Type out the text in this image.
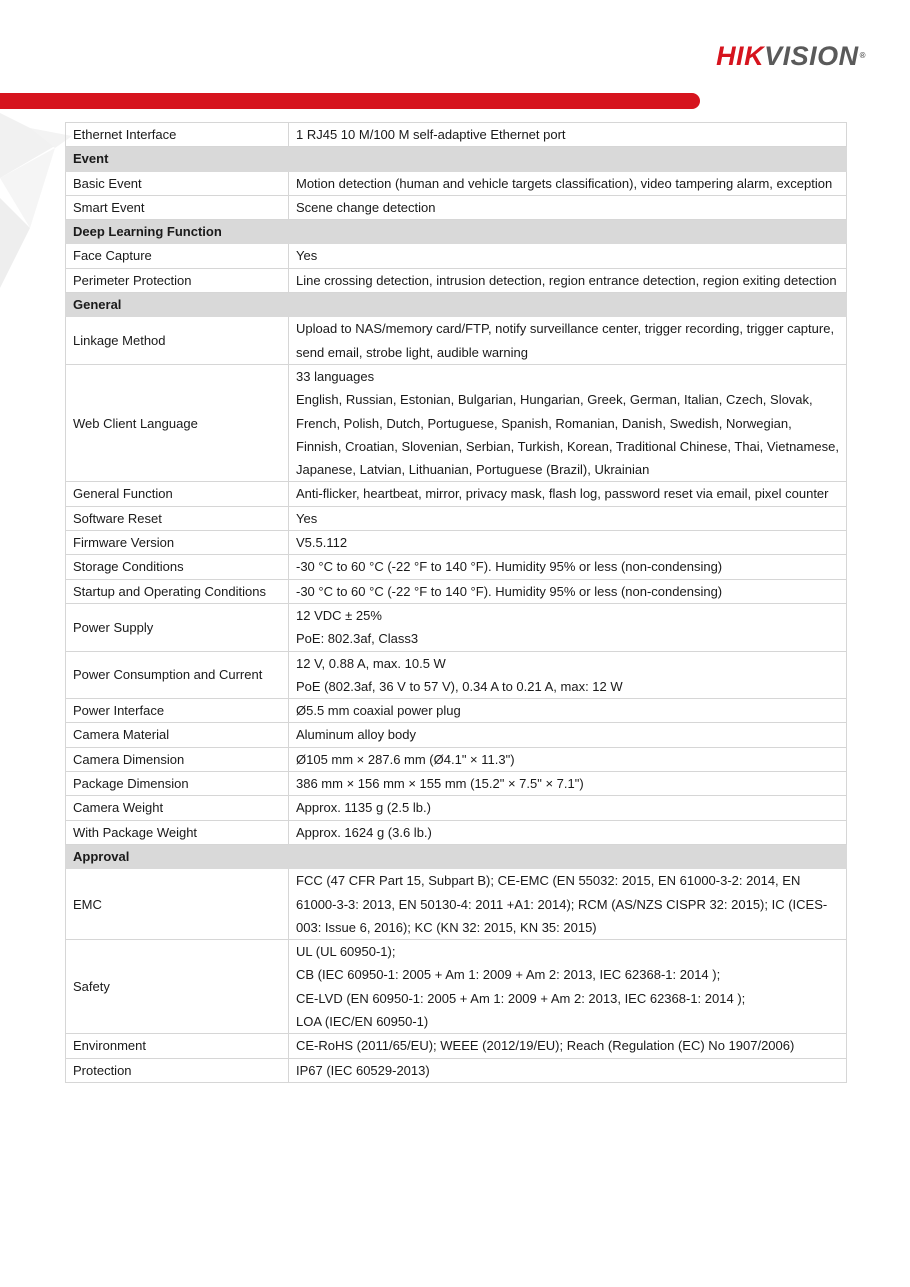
HIKVISION®
Ethernet Interface	1 RJ45 10 M/100 M self-adaptive Ethernet port

Event	
Basic Event	Motion detection (human and vehicle targets classification), video tampering alarm, exception

Smart Event	Scene change detection

Deep Learning Function	
Face Capture	Yes

Perimeter Protection	Line crossing detection, intrusion detection, region entrance detection, region exiting detection

General	
Linkage Method	Upload to NAS/memory card/FTP, notify surveillance center, trigger recording, trigger capture, send email, strobe light, audible warning

Web Client Language	33 languages
English, Russian, Estonian, Bulgarian, Hungarian, Greek, German, Italian, Czech, Slovak, French, Polish, Dutch, Portuguese, Spanish, Romanian, Danish, Swedish, Norwegian, Finnish, Croatian, Slovenian, Serbian, Turkish, Korean, Traditional Chinese, Thai, Vietnamese, Japanese, Latvian, Lithuanian, Portuguese (Brazil), Ukrainian

General Function	Anti-flicker, heartbeat, mirror, privacy mask, flash log, password reset via email, pixel counter

Software Reset	Yes

Firmware Version	V5.5.112

Storage Conditions	-30 °C to 60 °C (-22 °F to 140 °F). Humidity 95% or less (non-condensing)

Startup and Operating Conditions	-30 °C to 60 °C (-22 °F to 140 °F). Humidity 95% or less (non-condensing)

Power Supply	12 VDC ± 25%
PoE: 802.3af, Class3

Power Consumption and Current	12 V, 0.88 A, max. 10.5 W
PoE (802.3af, 36 V to 57 V), 0.34 A to 0.21 A, max: 12 W

Power Interface	Ø5.5 mm coaxial power plug

Camera Material	Aluminum alloy body

Camera Dimension	Ø105 mm × 287.6 mm (Ø4.1" × 11.3")

Package Dimension	386 mm × 156 mm × 155 mm (15.2" × 7.5" × 7.1")

Camera Weight	Approx. 1135 g (2.5 lb.)

With Package Weight	Approx. 1624 g (3.6 lb.)

Approval	
EMC	FCC (47 CFR Part 15, Subpart B); CE-EMC (EN 55032: 2015, EN 61000-3-2: 2014, EN 61000-3-3: 2013, EN 50130-4: 2011 +A1: 2014); RCM (AS/NZS CISPR 32: 2015); IC (ICES-003: Issue 6, 2016); KC (KN 32: 2015, KN 35: 2015)

Safety	UL (UL 60950-1);
CB (IEC 60950-1: 2005 + Am 1: 2009 + Am 2: 2013, IEC 62368-1: 2014 );
CE-LVD (EN 60950-1: 2005 + Am 1: 2009 + Am 2: 2013, IEC 62368-1: 2014 );
LOA (IEC/EN 60950-1)

Environment	CE-RoHS (2011/65/EU); WEEE (2012/19/EU); Reach (Regulation (EC) No 1907/2006)

Protection	IP67 (IEC 60529-2013)
